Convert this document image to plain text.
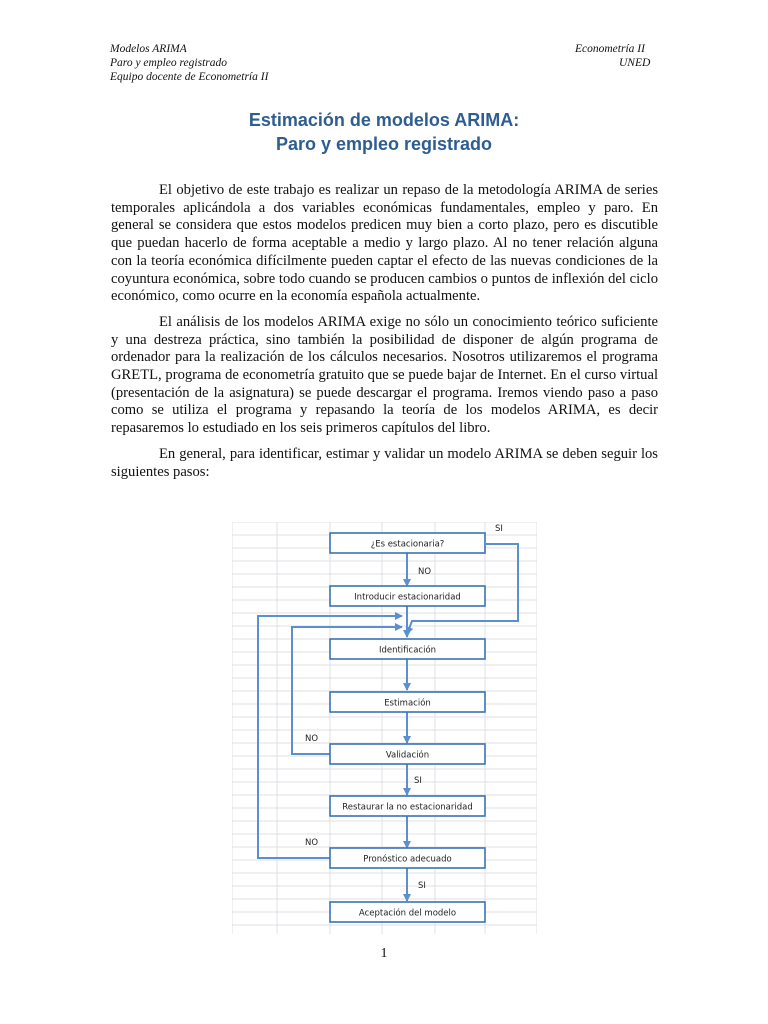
Modelos ARIMA
Paro y empleo registrado
Equipo docente de Econometría II
Econometría II
UNED
Estimación de modelos ARIMA:
Paro y empleo registrado

El objetivo de este trabajo es realizar un repaso de la metodología ARIMA de series temporales aplicándola a dos variables económicas fundamentales, empleo y paro. En general se considera que estos modelos predicen muy bien a corto plazo, pero es discutible que puedan hacerlo de forma aceptable a medio y largo plazo. Al no tener relación alguna con la teoría económica difícilmente pueden captar el efecto de las nuevas condiciones de la coyuntura económica, sobre todo cuando se producen cambios o puntos de inflexión del ciclo económico, como ocurre en la economía española actualmente.

El análisis de los modelos ARIMA exige no sólo un conocimiento teórico suficiente y una destreza práctica, sino también la posibilidad de disponer de algún programa de ordenador para la realización de los cálculos necesarios. Nosotros utilizaremos el programa GRETL, programa de econometría gratuito que se puede bajar de Internet. En el curso virtual (presentación de la asignatura) se puede descargar el programa. Iremos viendo paso a paso como se utiliza el programa y repasando la teoría de los modelos ARIMA, es decir repasaremos lo estudiado en los seis primeros capítulos del libro.

En general, para identificar, estimar y validar un modelo ARIMA se deben seguir los siguientes pasos:

¿Es estacionaria?
Introducir estacionaridad
Identificación
Estimación
Validación
Restaurar la no estacionaridad
Pronóstico adecuado
Aceptación del modelo
SI
NO
NO
SI
NO
SI
1
